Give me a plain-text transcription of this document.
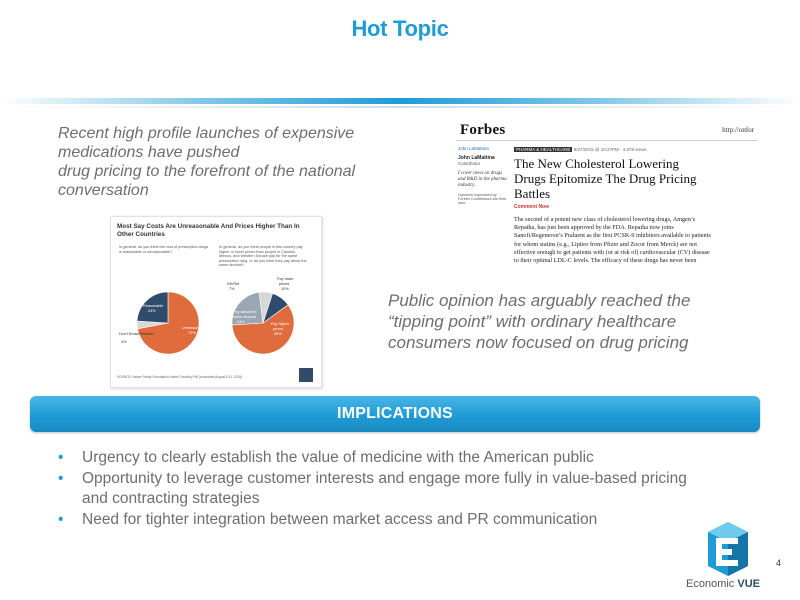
Hot Topic
Recent high profile launches of expensive
medications have pushed
drug pricing to the forefront of the national
conversation
Forbes	http://onfor
John LaMattina
John LaMattina
Contributor
I cover news on drugs and R&D in the pharma industry.
Opinions expressed by Forbes Contributors are their own.
PHARMA & HEALTHCARE 8/27/2015 @ 10:27PM · 4,878 views
The New Cholesterol Lowering
Drugs Epitomize The Drug Pricing
Battles
Comment Now
The second of a potent new class of cholesterol lowering drugs, Amgen’s
Repatha, has just been approved by the FDA. Repatha now joins
Sanofi/Regeneron’s Praluent as the first PCSK-9 inhibitors available to patients
for whom statins (e.g., Lipitor from Pfizer and Zocor from Merck) are not
effective enough to get patients with (or at risk of) cardiovascular (CV) disease
to their optimal LDL-C levels. The efficacy of these drugs has never been
Most Say Costs Are Unreasonable And Prices Higher Than In Other Countries
In general, do you think the cost of prescription drugs is reasonable or unreasonable?
In general, do you think people in this country pay higher or lower prices than people in Canada, Mexico, and Western Europe pay for the same prescription drug, or do you think they pay about the same amount?
Unreasonable
72%
Reasonable
24%
Don't Know/Refused
4%
Pay higher
prices
59%
Pay about the
same amount
24%
DK/Ref
7%
Pay lower
prices
10%
SOURCE: Kaiser Family Foundation Health Tracking Poll (conducted August 6-11, 2015)
Public opinion has arguably reached the
“tipping point” with ordinary healthcare
consumers now focused on drug pricing
IMPLICATIONS
• Urgency to clearly establish the value of medicine with the American public
• Opportunity to leverage customer interests and engage more fully in value-based pricing
and contracting strategies
• Need for tighter integration between market access and PR communication
4
Economic VUE
